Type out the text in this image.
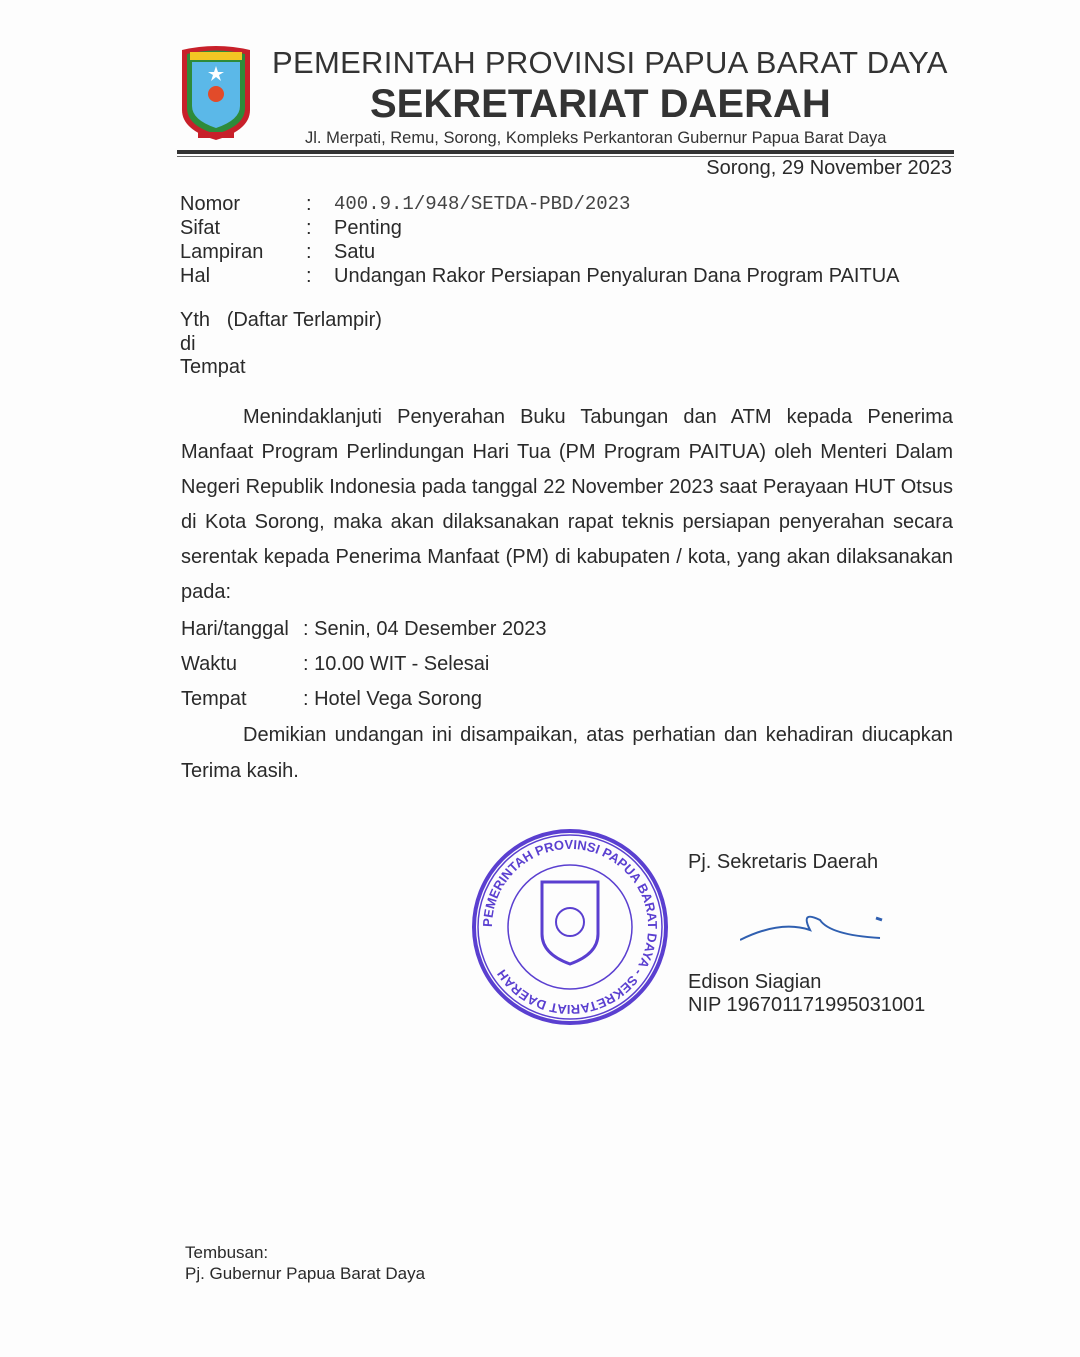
PEMERINTAH PROVINSI PAPUA BARAT DAYA
SEKRETARIAT DAERAH
Jl. Merpati, Remu, Sorong, Kompleks Perkantoran Gubernur Papua Barat Daya
Sorong, 29 November 2023
Nomor	:	400.9.1/948/SETDA-PBD/2023
Sifat	:	Penting
Lampiran	:	Satu
Hal	:	Undangan Rakor Persiapan Penyaluran Dana Program PAITUA
Yth   (Daftar Terlampir)
di
Tempat
Menindaklanjuti Penyerahan Buku Tabungan dan ATM kepada Penerima Manfaat Program Perlindungan Hari Tua (PM Program PAITUA) oleh Menteri Dalam Negeri Republik Indonesia pada tanggal 22 November 2023 saat Perayaan HUT Otsus di Kota Sorong, maka akan dilaksanakan rapat teknis persiapan penyerahan secara serentak kepada Penerima Manfaat (PM) di kabupaten / kota, yang akan dilaksanakan pada:
Hari/tanggal : Senin, 04 Desember 2023
Waktu	: 10.00 WIT - Selesai
Tempat	: Hotel Vega Sorong
Demikian undangan ini disampaikan, atas perhatian dan kehadiran diucapkan Terima kasih.
PEMERINTAH PROVINSI PAPUA BARAT DAYA - SEKRETARIAT DAERAH
Pj. Sekretaris Daerah
Edison Siagian
NIP 196701171995031001
Tembusan:
Pj. Gubernur Papua Barat Daya
